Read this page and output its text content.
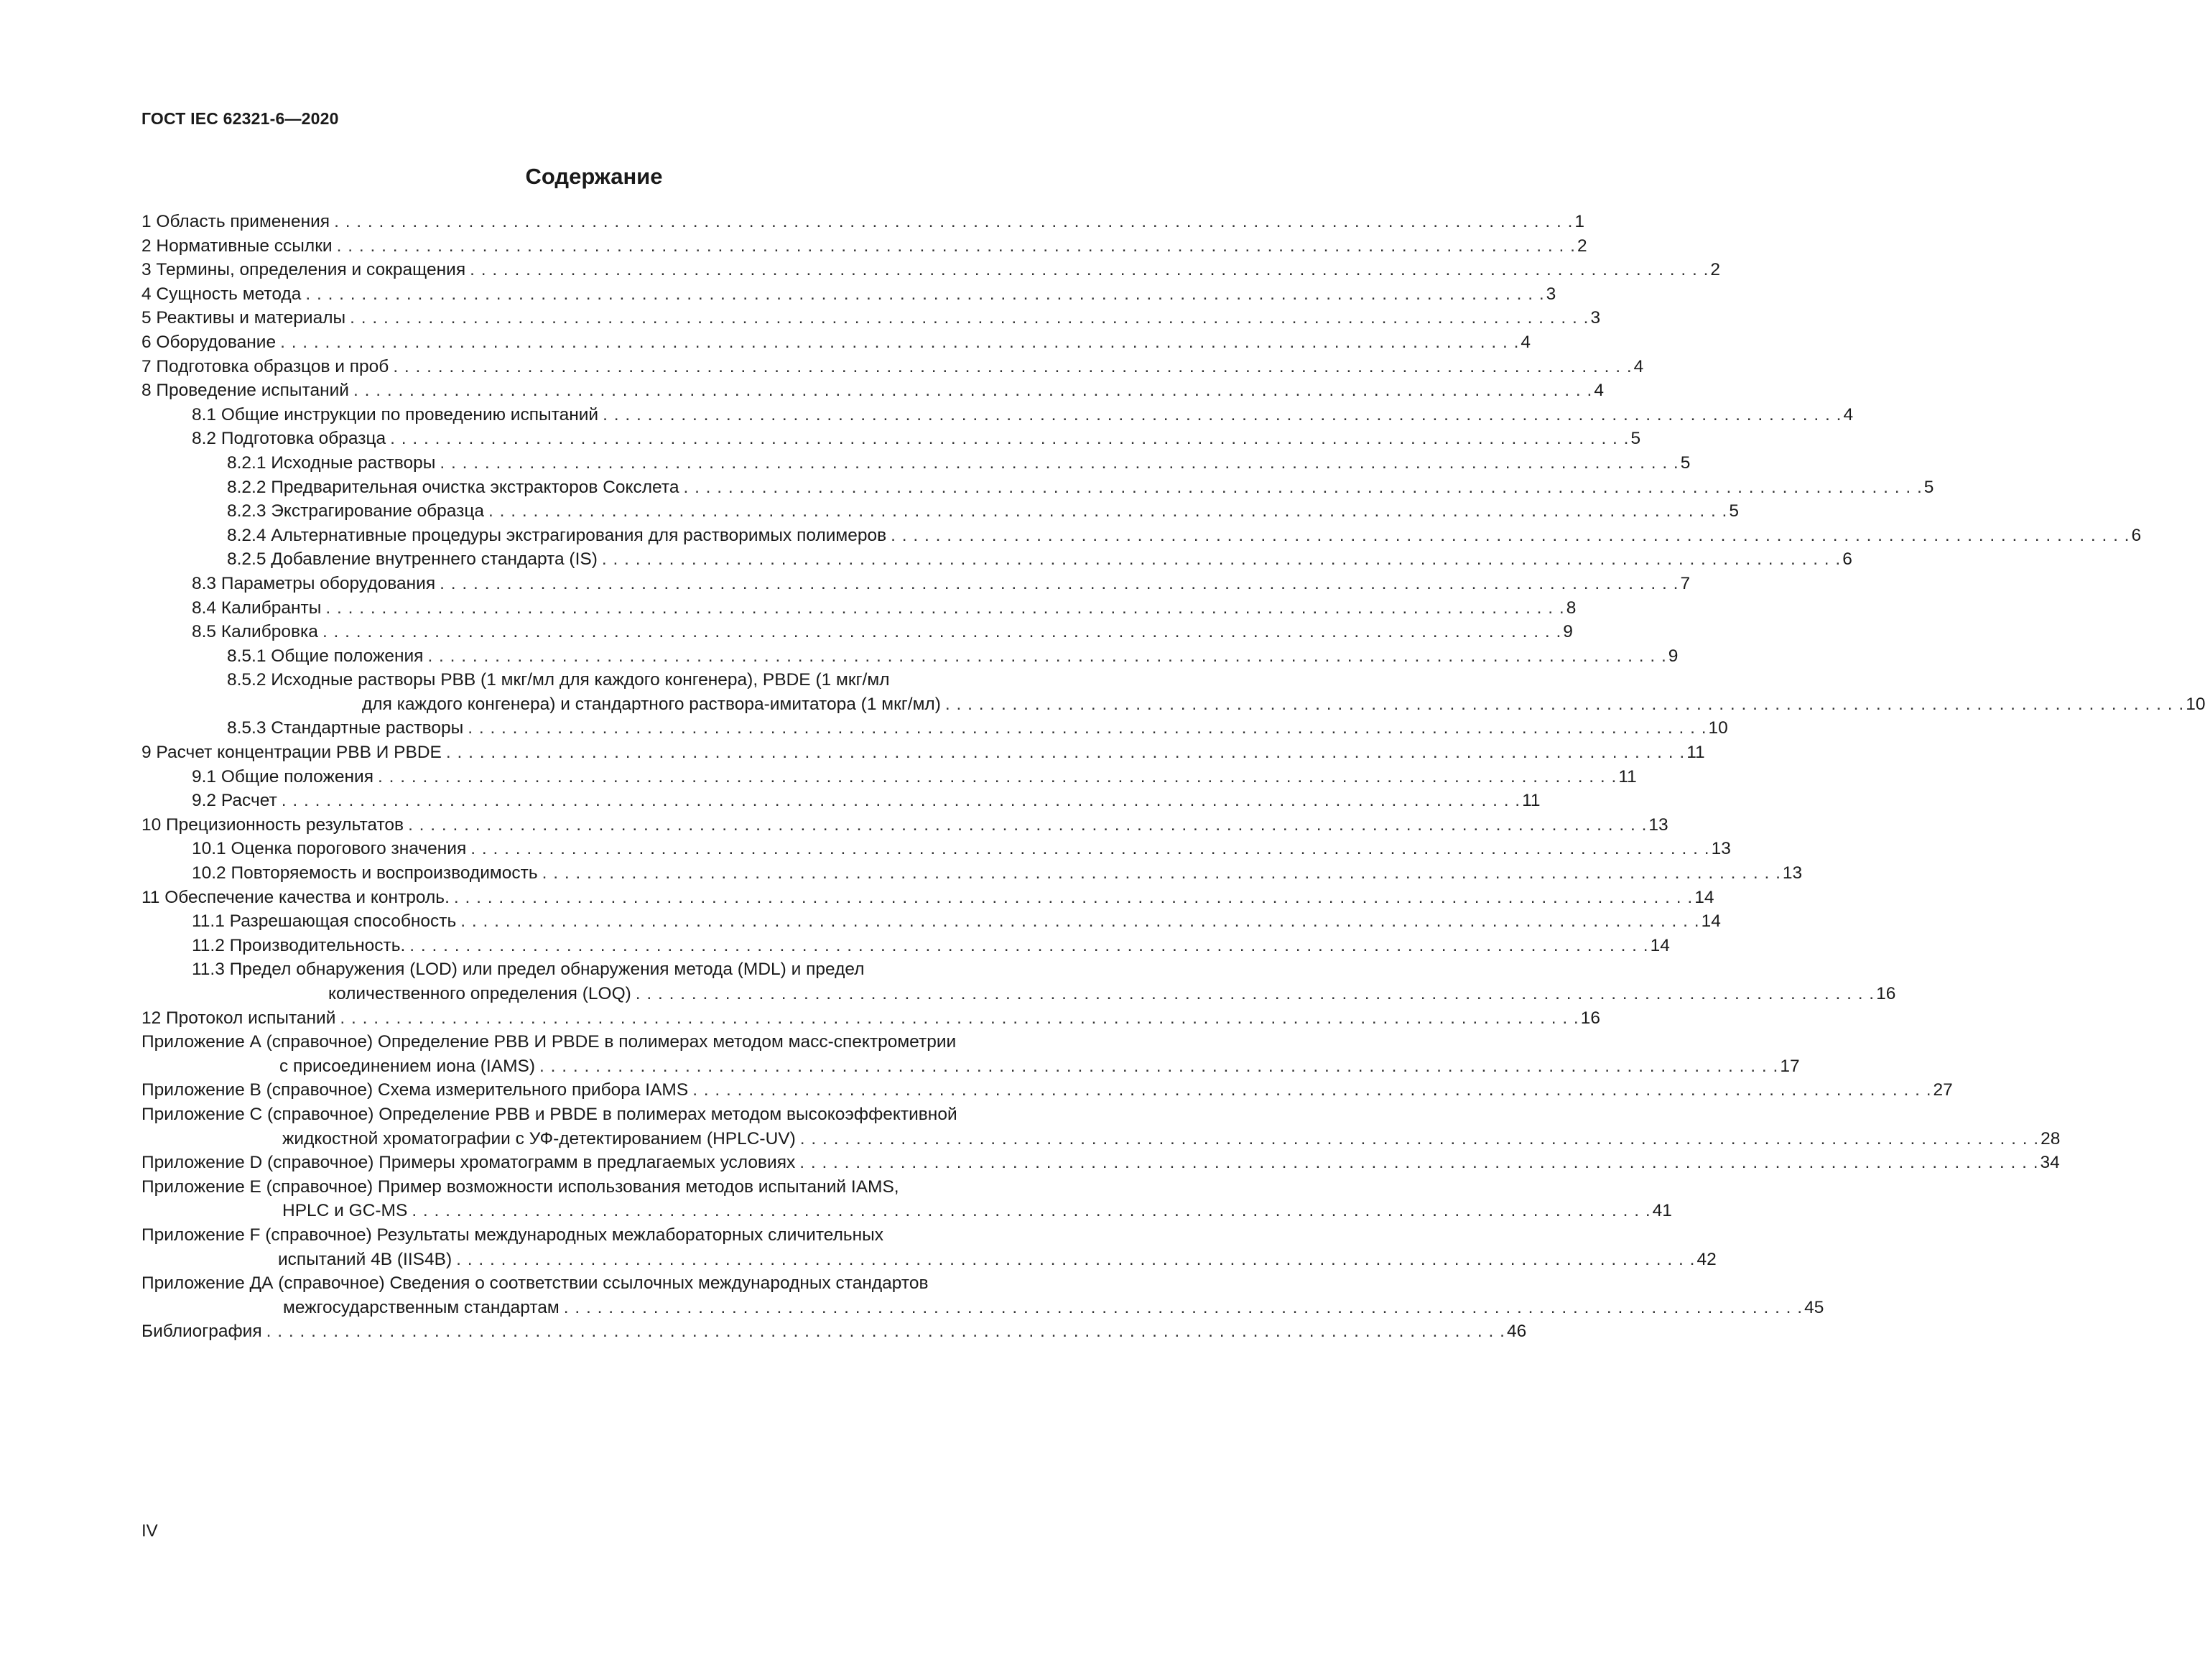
ГОСТ IEC 62321-6—2020
Содержание
1 Область применения . . . . . . . . . . . . . . . . . . . . . . . . . . . . . . . . . . . . . . . . . . . . . . . . . . . . . . . . . . . . . . . . . . . . . . . . . . . . . . . . . . . . . . . . . . . . . . . . . . . . . . . . . . . . . . . 1
2 Нормативные ссылки . . . . . . . . . . . . . . . . . . . . . . . . . . . . . . . . . . . . . . . . . . . . . . . . . . . . . . . . . . . . . . . . . . . . . . . . . . . . . . . . . . . . . . . . . . . . . . . . . . . . . . . . . . . . . . . 2
3 Термины, определения и сокращения . . . . . . . . . . . . . . . . . . . . . . . . . . . . . . . . . . . . . . . . . . . . . . . . . . . . . . . . . . . . . . . . . . . . . . . . . . . . . . . . . . . . . . . . . . . . . . . . . . . . . . . . . . . . . . . 2
4 Сущность метода . . . . . . . . . . . . . . . . . . . . . . . . . . . . . . . . . . . . . . . . . . . . . . . . . . . . . . . . . . . . . . . . . . . . . . . . . . . . . . . . . . . . . . . . . . . . . . . . . . . . . . . . . . . . . . . 3
5 Реактивы и материалы . . . . . . . . . . . . . . . . . . . . . . . . . . . . . . . . . . . . . . . . . . . . . . . . . . . . . . . . . . . . . . . . . . . . . . . . . . . . . . . . . . . . . . . . . . . . . . . . . . . . . . . . . . . . . . . 3
6 Оборудование . . . . . . . . . . . . . . . . . . . . . . . . . . . . . . . . . . . . . . . . . . . . . . . . . . . . . . . . . . . . . . . . . . . . . . . . . . . . . . . . . . . . . . . . . . . . . . . . . . . . . . . . . . . . . . . 4
7 Подготовка образцов и проб . . . . . . . . . . . . . . . . . . . . . . . . . . . . . . . . . . . . . . . . . . . . . . . . . . . . . . . . . . . . . . . . . . . . . . . . . . . . . . . . . . . . . . . . . . . . . . . . . . . . . . . . . . . . . . . 4
8 Проведение испытаний . . . . . . . . . . . . . . . . . . . . . . . . . . . . . . . . . . . . . . . . . . . . . . . . . . . . . . . . . . . . . . . . . . . . . . . . . . . . . . . . . . . . . . . . . . . . . . . . . . . . . . . . . . . . . . . 4
8.1 Общие инструкции по проведению испытаний . . . . . . . . . . . . . . . . . . . . . . . . . . . . . . . . . . . . . . . . . . . . . . . . . . . . . . . . . . . . . . . . . . . . . . . . . . . . . . . . . . . . . . . . . . . . . . . . . . . . . . . . . . . . . . . 4
8.2 Подготовка образца . . . . . . . . . . . . . . . . . . . . . . . . . . . . . . . . . . . . . . . . . . . . . . . . . . . . . . . . . . . . . . . . . . . . . . . . . . . . . . . . . . . . . . . . . . . . . . . . . . . . . . . . . . . . . . . 5
8.2.1 Исходные растворы . . . . . . . . . . . . . . . . . . . . . . . . . . . . . . . . . . . . . . . . . . . . . . . . . . . . . . . . . . . . . . . . . . . . . . . . . . . . . . . . . . . . . . . . . . . . . . . . . . . . . . . . . . . . . . . 5
8.2.2 Предварительная очистка экстракторов Сокслета . . . . . . . . . . . . . . . . . . . . . . . . . . . . . . . . . . . . . . . . . . . . . . . . . . . . . . . . . . . . . . . . . . . . . . . . . . . . . . . . . . . . . . . . . . . . . . . . . . . . . . . . . . . . . . . 5
8.2.3 Экстрагирование образца . . . . . . . . . . . . . . . . . . . . . . . . . . . . . . . . . . . . . . . . . . . . . . . . . . . . . . . . . . . . . . . . . . . . . . . . . . . . . . . . . . . . . . . . . . . . . . . . . . . . . . . . . . . . . . . 5
8.2.4 Альтернативные процедуры экстрагирования для растворимых полимеров . . . . . . . . . . . . . . . . . . . . . . . . . . . . . . . . . . . . . . . . . . . . . . . . . . . . . . . . . . . . . . . . . . . . . . . . . . . . . . . . . . . . . . . . . . . . . . . . . . . . . . . . . . . . . . . 6
8.2.5 Добавление внутреннего стандарта (IS) . . . . . . . . . . . . . . . . . . . . . . . . . . . . . . . . . . . . . . . . . . . . . . . . . . . . . . . . . . . . . . . . . . . . . . . . . . . . . . . . . . . . . . . . . . . . . . . . . . . . . . . . . . . . . . . 6
8.3 Параметры оборудования . . . . . . . . . . . . . . . . . . . . . . . . . . . . . . . . . . . . . . . . . . . . . . . . . . . . . . . . . . . . . . . . . . . . . . . . . . . . . . . . . . . . . . . . . . . . . . . . . . . . . . . . . . . . . . . 7
8.4 Калибранты . . . . . . . . . . . . . . . . . . . . . . . . . . . . . . . . . . . . . . . . . . . . . . . . . . . . . . . . . . . . . . . . . . . . . . . . . . . . . . . . . . . . . . . . . . . . . . . . . . . . . . . . . . . . . . . 8
8.5 Калибровка . . . . . . . . . . . . . . . . . . . . . . . . . . . . . . . . . . . . . . . . . . . . . . . . . . . . . . . . . . . . . . . . . . . . . . . . . . . . . . . . . . . . . . . . . . . . . . . . . . . . . . . . . . . . . . . 9
8.5.1 Общие положения . . . . . . . . . . . . . . . . . . . . . . . . . . . . . . . . . . . . . . . . . . . . . . . . . . . . . . . . . . . . . . . . . . . . . . . . . . . . . . . . . . . . . . . . . . . . . . . . . . . . . . . . . . . . . . . 9
8.5.2 Исходные растворы PBB (1 мкг/мл для каждого конгенера), PBDE (1 мкг/мл
для каждого конгенера) и стандартного раствора-имитатора (1 мкг/мл) . . . . . . . . . . . . . . . . . . . . . . . . . . . . . . . . . . . . . . . . . . . . . . . . . . . . . . . . . . . . . . . . . . . . . . . . . . . . . . . . . . . . . . . . . . . . . . . . . . . . . . . . . . . . . . . 10
8.5.3 Стандартные растворы . . . . . . . . . . . . . . . . . . . . . . . . . . . . . . . . . . . . . . . . . . . . . . . . . . . . . . . . . . . . . . . . . . . . . . . . . . . . . . . . . . . . . . . . . . . . . . . . . . . . . . . . . . . . . . . 10
9 Расчет концентрации PBB И PBDE . . . . . . . . . . . . . . . . . . . . . . . . . . . . . . . . . . . . . . . . . . . . . . . . . . . . . . . . . . . . . . . . . . . . . . . . . . . . . . . . . . . . . . . . . . . . . . . . . . . . . . . . . . . . . . . 11
9.1 Общие положения . . . . . . . . . . . . . . . . . . . . . . . . . . . . . . . . . . . . . . . . . . . . . . . . . . . . . . . . . . . . . . . . . . . . . . . . . . . . . . . . . . . . . . . . . . . . . . . . . . . . . . . . . . . . . . . 11
9.2 Расчет . . . . . . . . . . . . . . . . . . . . . . . . . . . . . . . . . . . . . . . . . . . . . . . . . . . . . . . . . . . . . . . . . . . . . . . . . . . . . . . . . . . . . . . . . . . . . . . . . . . . . . . . . . . . . . . 11
10 Прецизионность результатов . . . . . . . . . . . . . . . . . . . . . . . . . . . . . . . . . . . . . . . . . . . . . . . . . . . . . . . . . . . . . . . . . . . . . . . . . . . . . . . . . . . . . . . . . . . . . . . . . . . . . . . . . . . . . . . 13
10.1 Оценка порогового значения . . . . . . . . . . . . . . . . . . . . . . . . . . . . . . . . . . . . . . . . . . . . . . . . . . . . . . . . . . . . . . . . . . . . . . . . . . . . . . . . . . . . . . . . . . . . . . . . . . . . . . . . . . . . . . . 13
10.2 Повторяемость и воспроизводимость . . . . . . . . . . . . . . . . . . . . . . . . . . . . . . . . . . . . . . . . . . . . . . . . . . . . . . . . . . . . . . . . . . . . . . . . . . . . . . . . . . . . . . . . . . . . . . . . . . . . . . . . . . . . . . . 13
11 Обеспечение качества и контроль. . . . . . . . . . . . . . . . . . . . . . . . . . . . . . . . . . . . . . . . . . . . . . . . . . . . . . . . . . . . . . . . . . . . . . . . . . . . . . . . . . . . . . . . . . . . . . . . . . . . . . . . . . . . . . . . 14
11.1 Разрешающая способность . . . . . . . . . . . . . . . . . . . . . . . . . . . . . . . . . . . . . . . . . . . . . . . . . . . . . . . . . . . . . . . . . . . . . . . . . . . . . . . . . . . . . . . . . . . . . . . . . . . . . . . . . . . . . . . 14
11.2 Производительность. . . . . . . . . . . . . . . . . . . . . . . . . . . . . . . . . . . . . . . . . . . . . . . . . . . . . . . . . . . . . . . . . . . . . . . . . . . . . . . . . . . . . . . . . . . . . . . . . . . . . . . . . . . . . . . . 14
11.3 Предел обнаружения (LOD) или предел обнаружения метода (MDL) и предел
количественного определения (LOQ) . . . . . . . . . . . . . . . . . . . . . . . . . . . . . . . . . . . . . . . . . . . . . . . . . . . . . . . . . . . . . . . . . . . . . . . . . . . . . . . . . . . . . . . . . . . . . . . . . . . . . . . . . . . . . . . 16
12 Протокол испытаний . . . . . . . . . . . . . . . . . . . . . . . . . . . . . . . . . . . . . . . . . . . . . . . . . . . . . . . . . . . . . . . . . . . . . . . . . . . . . . . . . . . . . . . . . . . . . . . . . . . . . . . . . . . . . . . 16
Приложение А (справочное) Определение PBB И PBDE в полимерах методом масс-спектрометрии
с присоединением иона (IAMS) . . . . . . . . . . . . . . . . . . . . . . . . . . . . . . . . . . . . . . . . . . . . . . . . . . . . . . . . . . . . . . . . . . . . . . . . . . . . . . . . . . . . . . . . . . . . . . . . . . . . . . . . . . . . . . . 17
Приложение В (справочное) Схема измерительного прибора IAMS . . . . . . . . . . . . . . . . . . . . . . . . . . . . . . . . . . . . . . . . . . . . . . . . . . . . . . . . . . . . . . . . . . . . . . . . . . . . . . . . . . . . . . . . . . . . . . . . . . . . . . . . . . . . . . . 27
Приложение С (справочное) Определение PBB и PBDE в полимерах методом высокоэффективной
жидкостной хроматографии с УФ-детектированием (HPLC-UV) . . . . . . . . . . . . . . . . . . . . . . . . . . . . . . . . . . . . . . . . . . . . . . . . . . . . . . . . . . . . . . . . . . . . . . . . . . . . . . . . . . . . . . . . . . . . . . . . . . . . . . . . . . . . . . . 28
Приложение D (справочное) Примеры хроматограмм в предлагаемых условиях . . . . . . . . . . . . . . . . . . . . . . . . . . . . . . . . . . . . . . . . . . . . . . . . . . . . . . . . . . . . . . . . . . . . . . . . . . . . . . . . . . . . . . . . . . . . . . . . . . . . . . . . . . . . . . . 34
Приложение Е (справочное) Пример возможности использования методов испытаний IAMS,
HPLC и GC-MS . . . . . . . . . . . . . . . . . . . . . . . . . . . . . . . . . . . . . . . . . . . . . . . . . . . . . . . . . . . . . . . . . . . . . . . . . . . . . . . . . . . . . . . . . . . . . . . . . . . . . . . . . . . . . . . 41
Приложение F (справочное) Результаты международных межлабораторных сличительных
испытаний 4В (IIS4B) . . . . . . . . . . . . . . . . . . . . . . . . . . . . . . . . . . . . . . . . . . . . . . . . . . . . . . . . . . . . . . . . . . . . . . . . . . . . . . . . . . . . . . . . . . . . . . . . . . . . . . . . . . . . . . . 42
Приложение ДА (справочное) Сведения о соответствии ссылочных международных стандартов
межгосударственным стандартам . . . . . . . . . . . . . . . . . . . . . . . . . . . . . . . . . . . . . . . . . . . . . . . . . . . . . . . . . . . . . . . . . . . . . . . . . . . . . . . . . . . . . . . . . . . . . . . . . . . . . . . . . . . . . . . 45
Библиография . . . . . . . . . . . . . . . . . . . . . . . . . . . . . . . . . . . . . . . . . . . . . . . . . . . . . . . . . . . . . . . . . . . . . . . . . . . . . . . . . . . . . . . . . . . . . . . . . . . . . . . . . . . . . . . 46
IV
